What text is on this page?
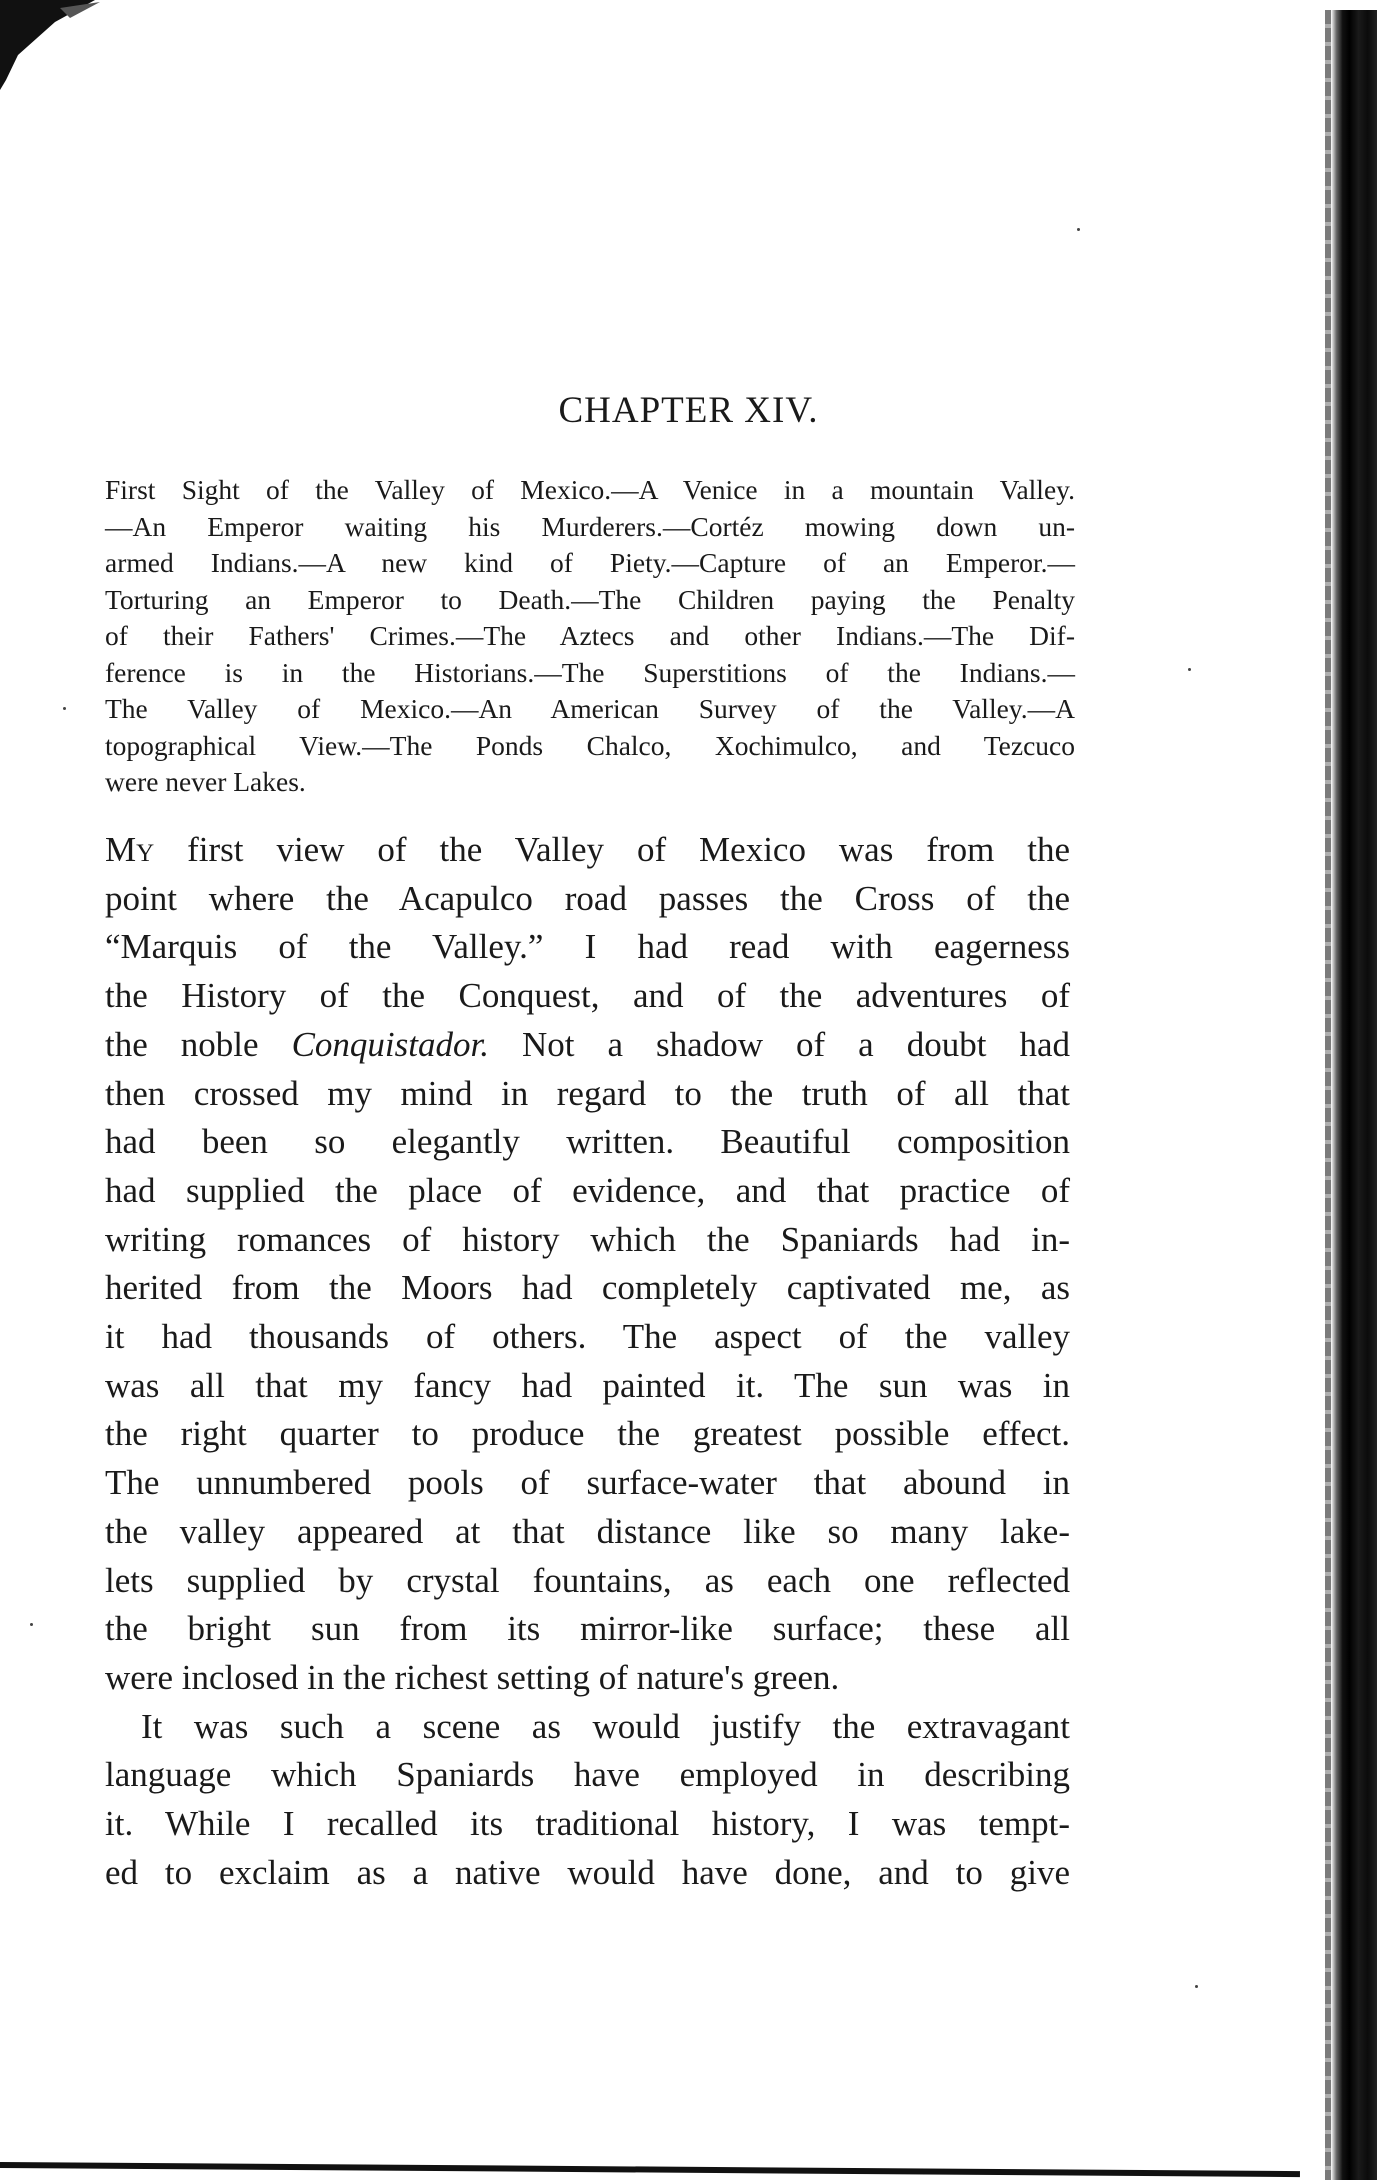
CHAPTER XIV.
First Sight of the Valley of Mexico.—A Venice in a mountain Valley.
—An Emperor waiting his Murderers.—Cortéz mowing down un-
armed Indians.—A new kind of Piety.—Capture of an Emperor.—
Torturing an Emperor to Death.—The Children paying the Penalty
of their Fathers' Crimes.—The Aztecs and other Indians.—The Dif-
ference is in the Historians.—The Superstitions of the Indians.—
The Valley of Mexico.—An American Survey of the Valley.—A
topographical View.—The Ponds Chalco, Xochimulco, and Tezcuco
were never Lakes.
My first view of the Valley of Mexico was from the
point where the Acapulco road passes the Cross of the
“Marquis of the Valley.” I had read with eagerness
the History of the Conquest, and of the adventures of
the noble Conquistador. Not a shadow of a doubt had
then crossed my mind in regard to the truth of all that
had been so elegantly written. Beautiful composition
had supplied the place of evidence, and that practice of
writing romances of history which the Spaniards had in-
herited from the Moors had completely captivated me, as
it had thousands of others. The aspect of the valley
was all that my fancy had painted it. The sun was in
the right quarter to produce the greatest possible effect.
The unnumbered pools of surface-water that abound in
the valley appeared at that distance like so many lake-
lets supplied by crystal fountains, as each one reflected
the bright sun from its mirror-like surface; these all
were inclosed in the richest setting of nature's green.
It was such a scene as would justify the extravagant
language which Spaniards have employed in describing
it. While I recalled its traditional history, I was tempt-
ed to exclaim as a native would have done, and to give
